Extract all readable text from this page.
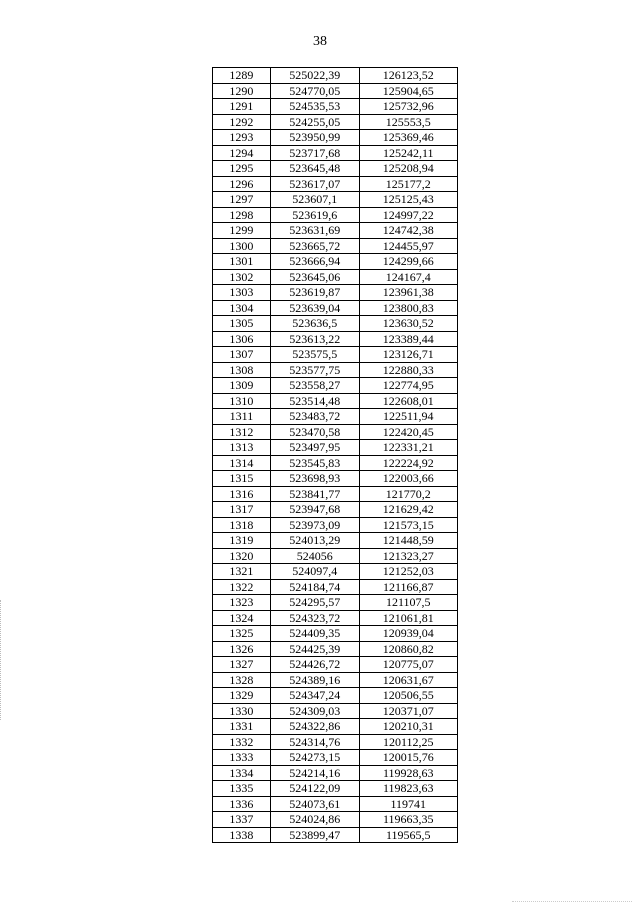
38
1289	525022,39	126123,52
1290	524770,05	125904,65
1291	524535,53	125732,96
1292	524255,05	125553,5
1293	523950,99	125369,46
1294	523717,68	125242,11
1295	523645,48	125208,94
1296	523617,07	125177,2
1297	523607,1	125125,43
1298	523619,6	124997,22
1299	523631,69	124742,38
1300	523665,72	124455,97
1301	523666,94	124299,66
1302	523645,06	124167,4
1303	523619,87	123961,38
1304	523639,04	123800,83
1305	523636,5	123630,52
1306	523613,22	123389,44
1307	523575,5	123126,71
1308	523577,75	122880,33
1309	523558,27	122774,95
1310	523514,48	122608,01
1311	523483,72	122511,94
1312	523470,58	122420,45
1313	523497,95	122331,21
1314	523545,83	122224,92
1315	523698,93	122003,66
1316	523841,77	121770,2
1317	523947,68	121629,42
1318	523973,09	121573,15
1319	524013,29	121448,59
1320	524056	121323,27
1321	524097,4	121252,03
1322	524184,74	121166,87
1323	524295,57	121107,5
1324	524323,72	121061,81
1325	524409,35	120939,04
1326	524425,39	120860,82
1327	524426,72	120775,07
1328	524389,16	120631,67
1329	524347,24	120506,55
1330	524309,03	120371,07
1331	524322,86	120210,31
1332	524314,76	120112,25
1333	524273,15	120015,76
1334	524214,16	119928,63
1335	524122,09	119823,63
1336	524073,61	119741
1337	524024,86	119663,35
1338	523899,47	119565,5
